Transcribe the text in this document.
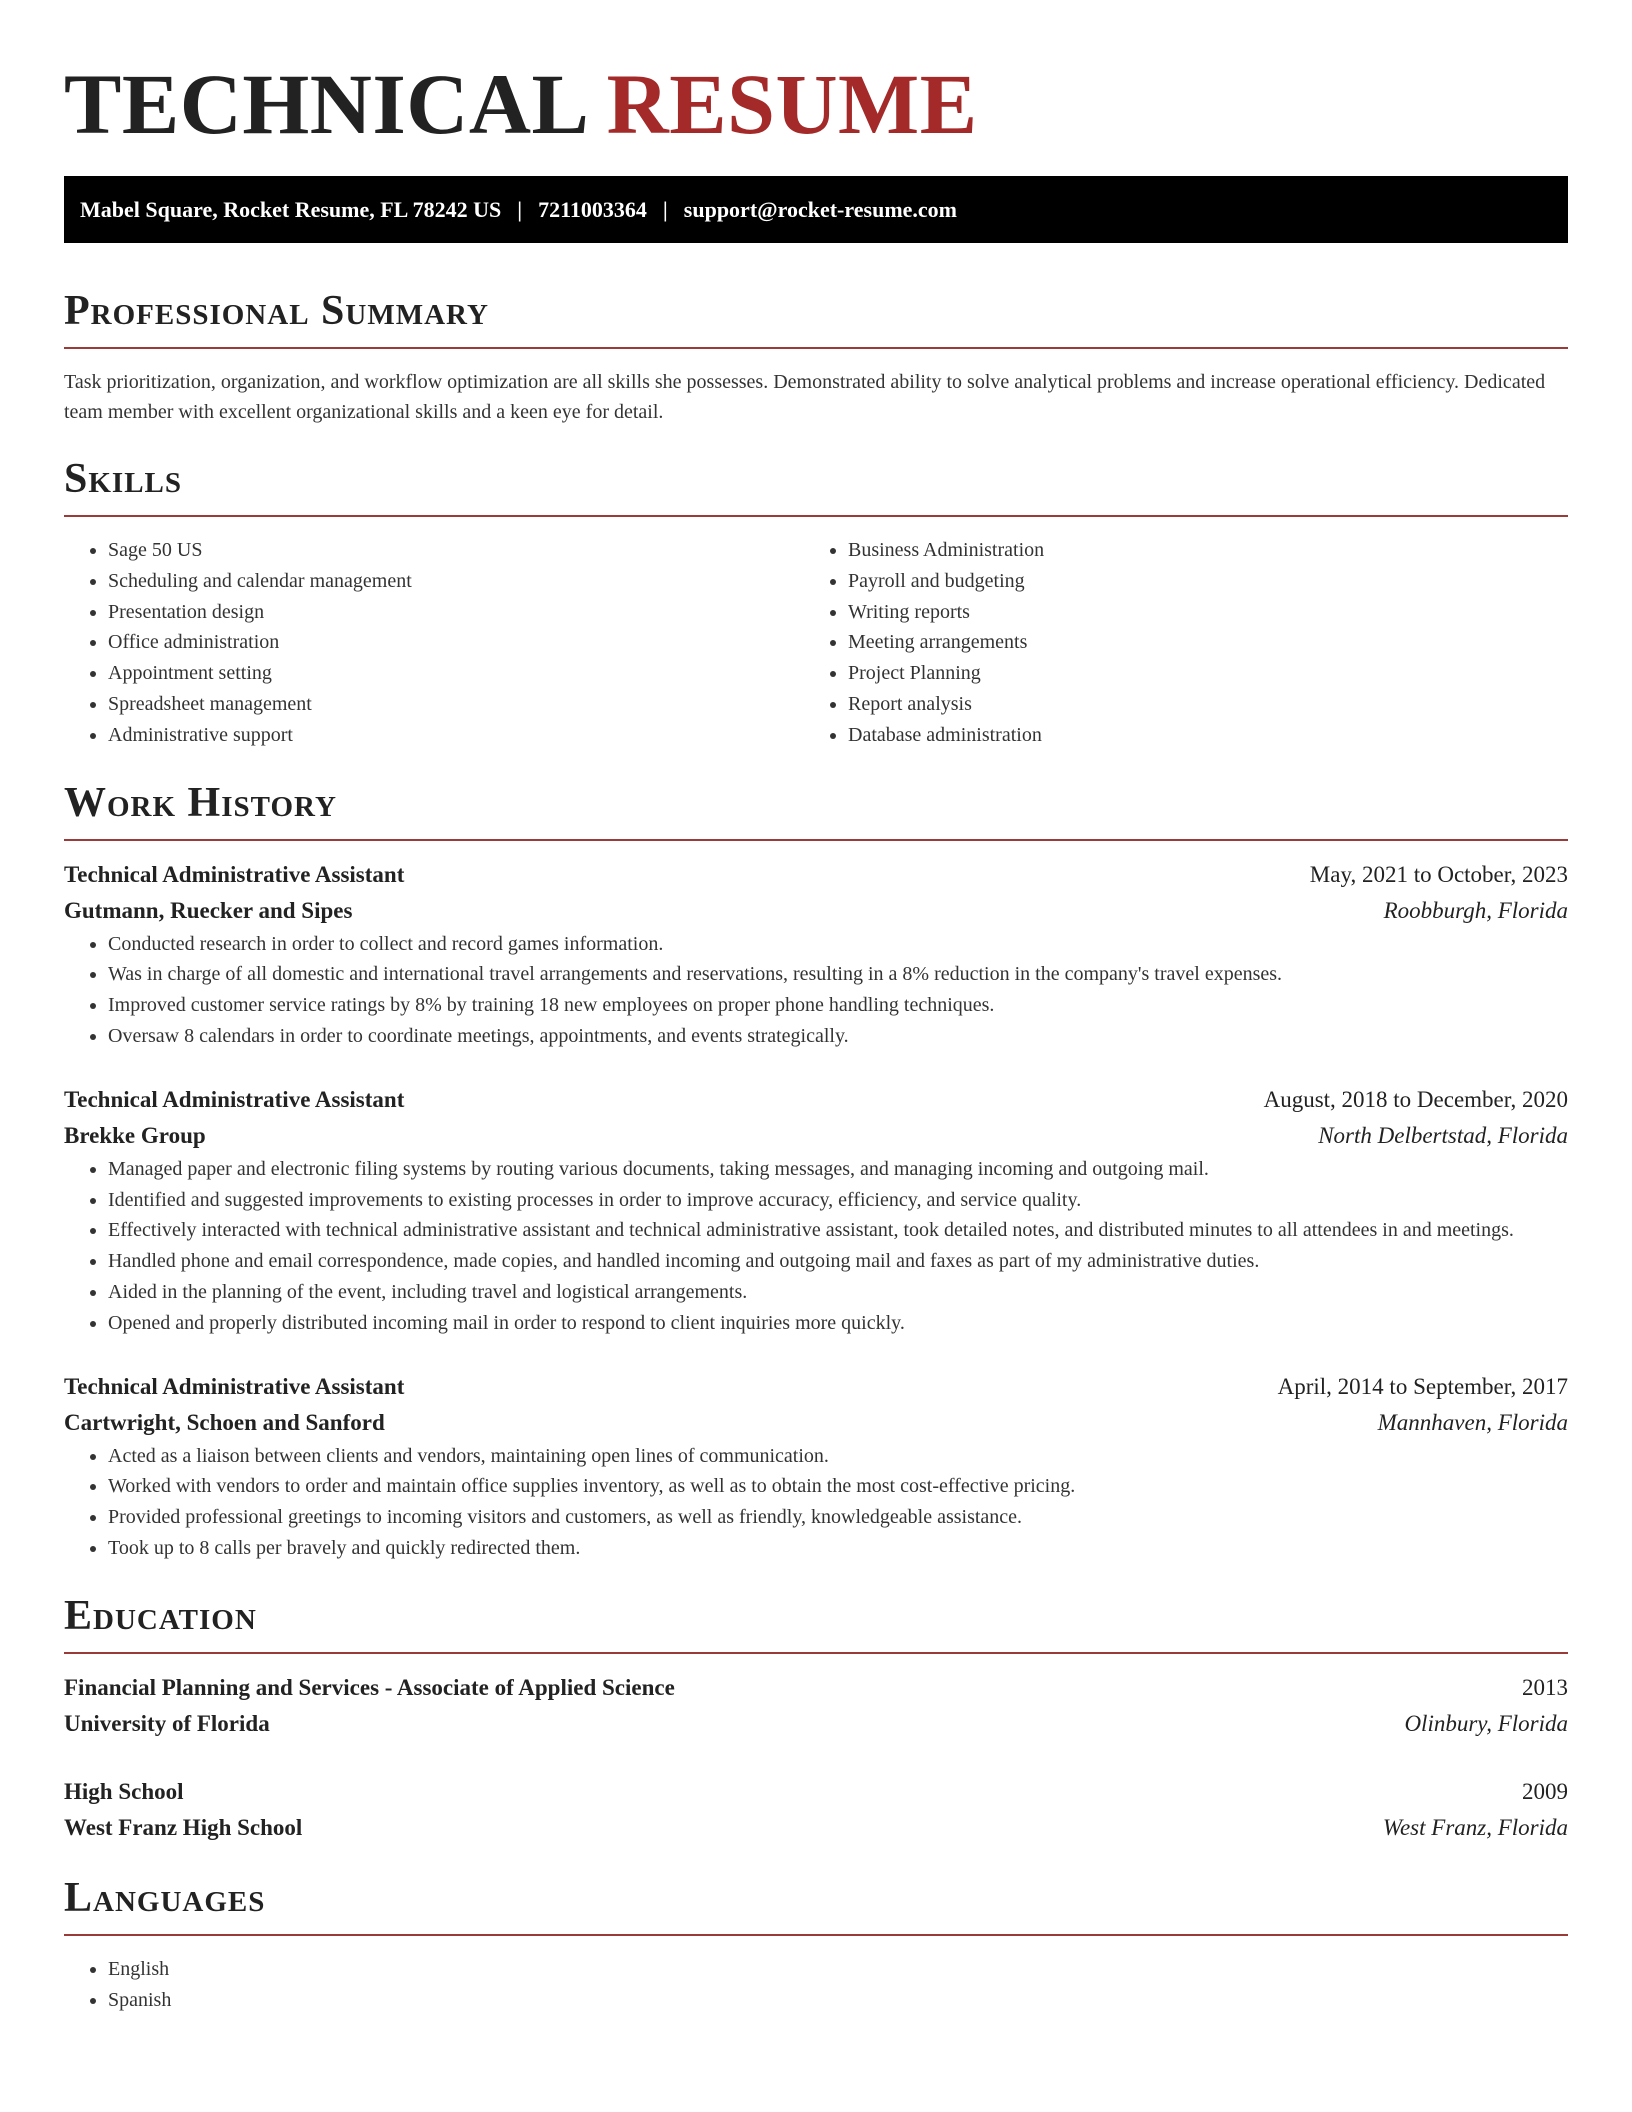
TECHNICAL RESUME
Mabel Square, Rocket Resume, FL 78242 US | 7211003364 | support@rocket-resume.com
Professional Summary

Task prioritization, organization, and workflow optimization are all skills she possesses. Demonstrated ability to solve analytical problems and increase operational efficiency. Dedicated team member with excellent organizational skills and a keen eye for detail.

Skills
• Sage 50 US
• Scheduling and calendar management
• Presentation design
• Office administration
• Appointment setting
• Spreadsheet management
• Administrative support
• Business Administration
• Payroll and budgeting
• Writing reports
• Meeting arrangements
• Project Planning
• Report analysis
• Database administration
Work History
Technical Administrative Assistant	May, 2021 to October, 2023
Gutmann, Ruecker and Sipes	Roobburgh, Florida
• Conducted research in order to collect and record games information.
• Was in charge of all domestic and international travel arrangements and reservations, resulting in a 8% reduction in the company's travel expenses.
• Improved customer service ratings by 8% by training 18 new employees on proper phone handling techniques.
• Oversaw 8 calendars in order to coordinate meetings, appointments, and events strategically.
Technical Administrative Assistant	August, 2018 to December, 2020
Brekke Group	North Delbertstad, Florida
• Managed paper and electronic filing systems by routing various documents, taking messages, and managing incoming and outgoing mail.
• Identified and suggested improvements to existing processes in order to improve accuracy, efficiency, and service quality.
• Effectively interacted with technical administrative assistant and technical administrative assistant, took detailed notes, and distributed minutes to all attendees in and meetings.
• Handled phone and email correspondence, made copies, and handled incoming and outgoing mail and faxes as part of my administrative duties.
• Aided in the planning of the event, including travel and logistical arrangements.
• Opened and properly distributed incoming mail in order to respond to client inquiries more quickly.
Technical Administrative Assistant	April, 2014 to September, 2017
Cartwright, Schoen and Sanford	Mannhaven, Florida
• Acted as a liaison between clients and vendors, maintaining open lines of communication.
• Worked with vendors to order and maintain office supplies inventory, as well as to obtain the most cost-effective pricing.
• Provided professional greetings to incoming visitors and customers, as well as friendly, knowledgeable assistance.
• Took up to 8 calls per bravely and quickly redirected them.
Education
Financial Planning and Services - Associate of Applied Science	2013
University of Florida	Olinbury, Florida
High School	2009
West Franz High School	West Franz, Florida
Languages
• English
• Spanish
